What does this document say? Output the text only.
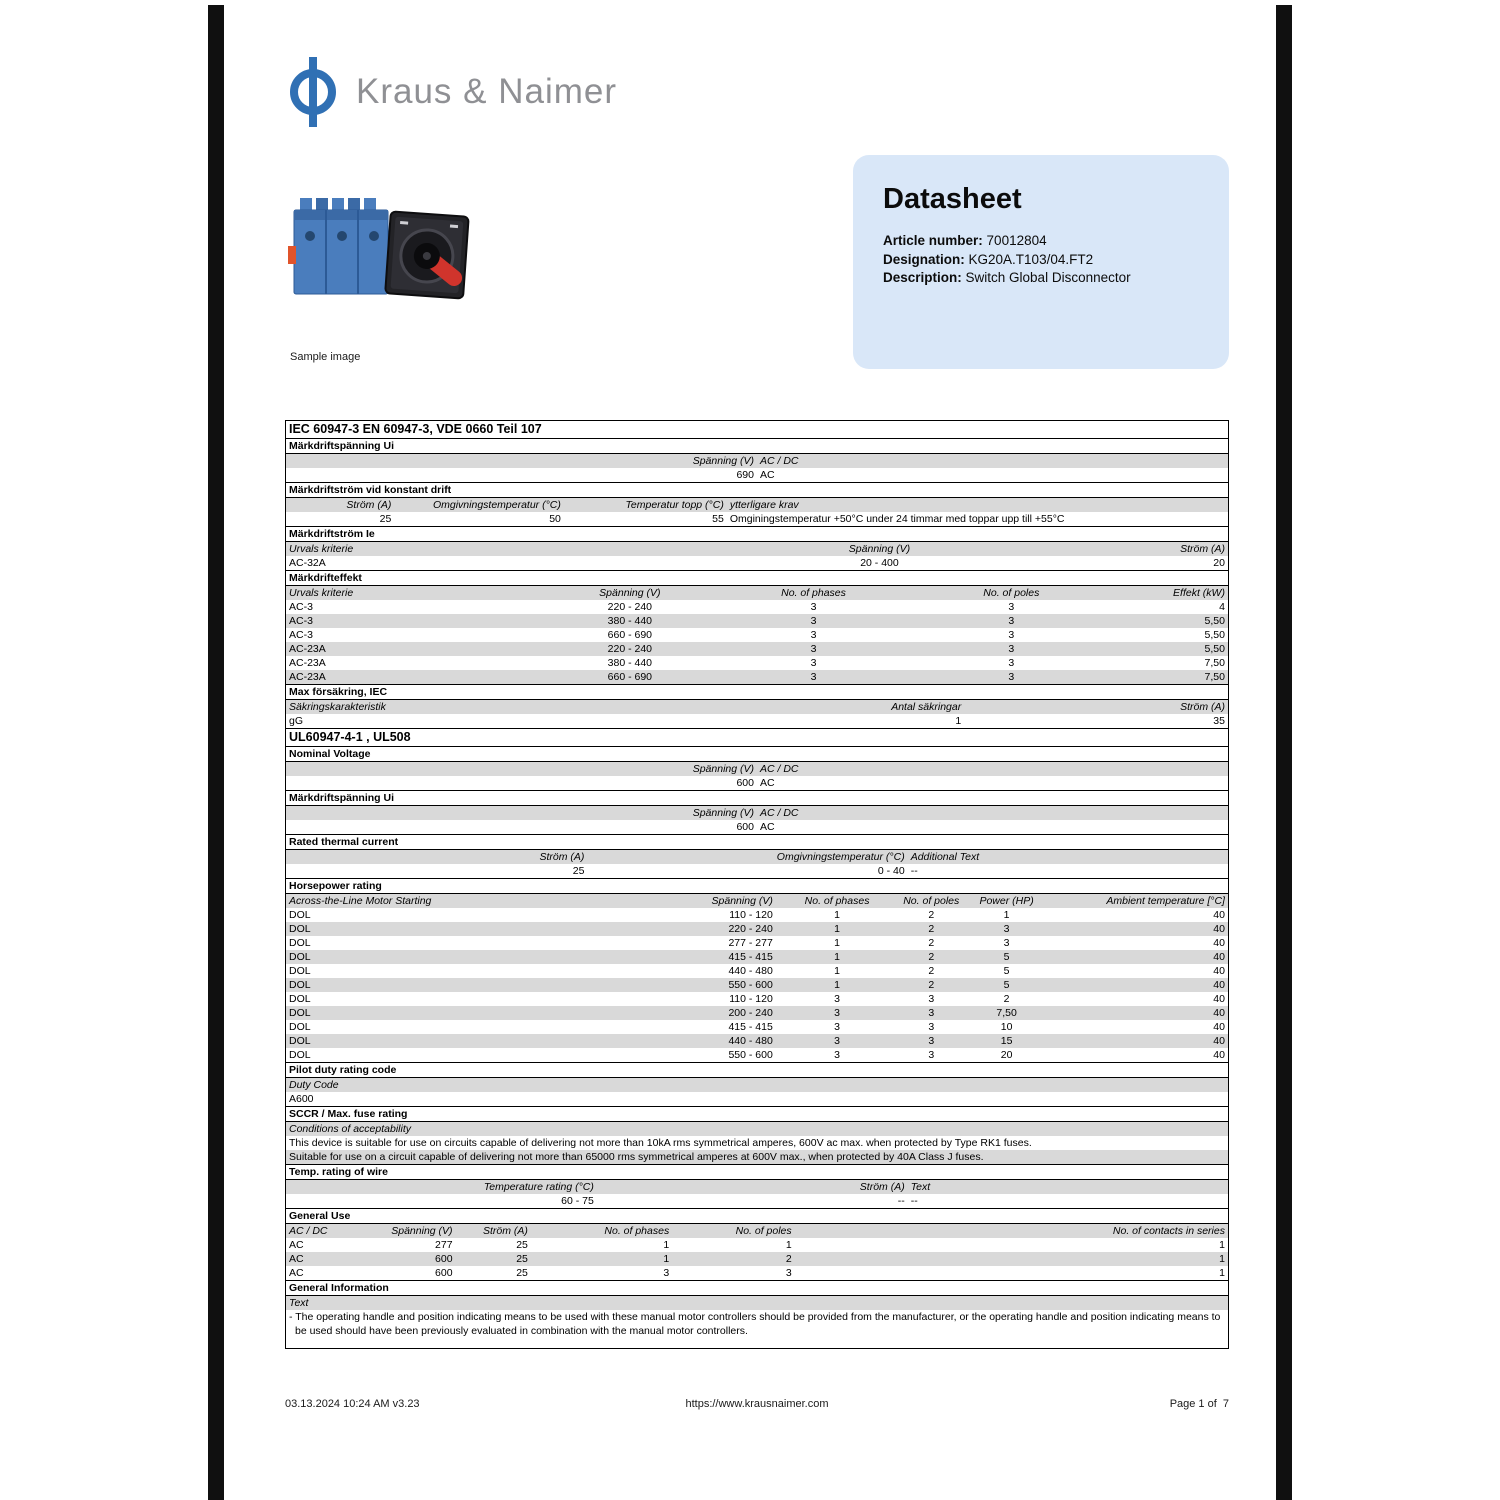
Kraus & Naimer
Sample image
Datasheet
Article number: 70012804
Designation: KG20A.T103/04.FT2
Description: Switch Global Disconnector
IEC 60947-3 EN 60947-3, VDE 0660 Teil 107
Märkdriftspänning Ui
Spänning (V) AC / DC
690 AC
Märkdriftström vid konstant drift
Ström (A)	Omgivningstemperatur (°C)	Temperatur topp (°C) ytterligare krav
25	50	55 Omginingstemperatur +50°C under 24 timmar med toppar upp till +55°C
Märkdriftström Ie
Urvals kriterie	Spänning (V)	Ström (A)
AC-32A	20 - 400	20
Märkdrifteffekt
Urvals kriterie	Spänning (V)	No. of phases	No. of poles	Effekt (kW)
AC-3	220 - 240	3	3	4
AC-3	380 - 440	3	3	5,50
AC-3	660 - 690	3	3	5,50
AC-23A	220 - 240	3	3	5,50
AC-23A	380 - 440	3	3	7,50
AC-23A	660 - 690	3	3	7,50
Max försäkring, IEC
Säkringskarakteristik	Antal säkringar	Ström (A)
gG	1	35
UL60947-4-1 , UL508
Nominal Voltage
Spänning (V) AC / DC
600 AC
Märkdriftspänning Ui
Spänning (V) AC / DC
600 AC
Rated thermal current
Ström (A)	Omgivningstemperatur (°C) Additional Text
25	0 - 40 --
Horsepower rating
Across-the-Line Motor Starting	Spänning (V)	No. of phases	No. of poles	Power (HP)	Ambient temperature [°C]
DOL	110 - 120	1	2	1	40
DOL	220 - 240	1	2	3	40
DOL	277 - 277	1	2	3	40
DOL	415 - 415	1	2	5	40
DOL	440 - 480	1	2	5	40
DOL	550 - 600	1	2	5	40
DOL	110 - 120	3	3	2	40
DOL	200 - 240	3	3	7,50	40
DOL	415 - 415	3	3	10	40
DOL	440 - 480	3	3	15	40
DOL	550 - 600	3	3	20	40
Pilot duty rating code
Duty Code
A600
SCCR / Max. fuse rating
Conditions of acceptability
This device is suitable for use on circuits capable of delivering not more than 10kA rms symmetrical amperes, 600V ac max. when protected by Type RK1 fuses.
Suitable for use on a circuit capable of delivering not more than 65000 rms symmetrical amperes at 600V max., when protected by 40A Class J fuses.
Temp. rating of wire
Temperature rating (°C)	Ström (A) Text
60 - 75	-- --
General Use
AC / DC	Spänning (V)	Ström (A)	No. of phases	No. of poles	No. of contacts in series
AC	277	25	1	1	1
AC	600	25	1	2	1
AC	600	25	3	3	1
General Information
Text
- The operating handle and position indicating means to be used with these manual motor controllers should be provided from the manufacturer, or the operating handle and position indicating means to be used should have been previously evaluated in combination with the manual motor controllers.
03.13.2024 10:24 AM v3.23	https://www.krausnaimer.com	Page 1 of  7
